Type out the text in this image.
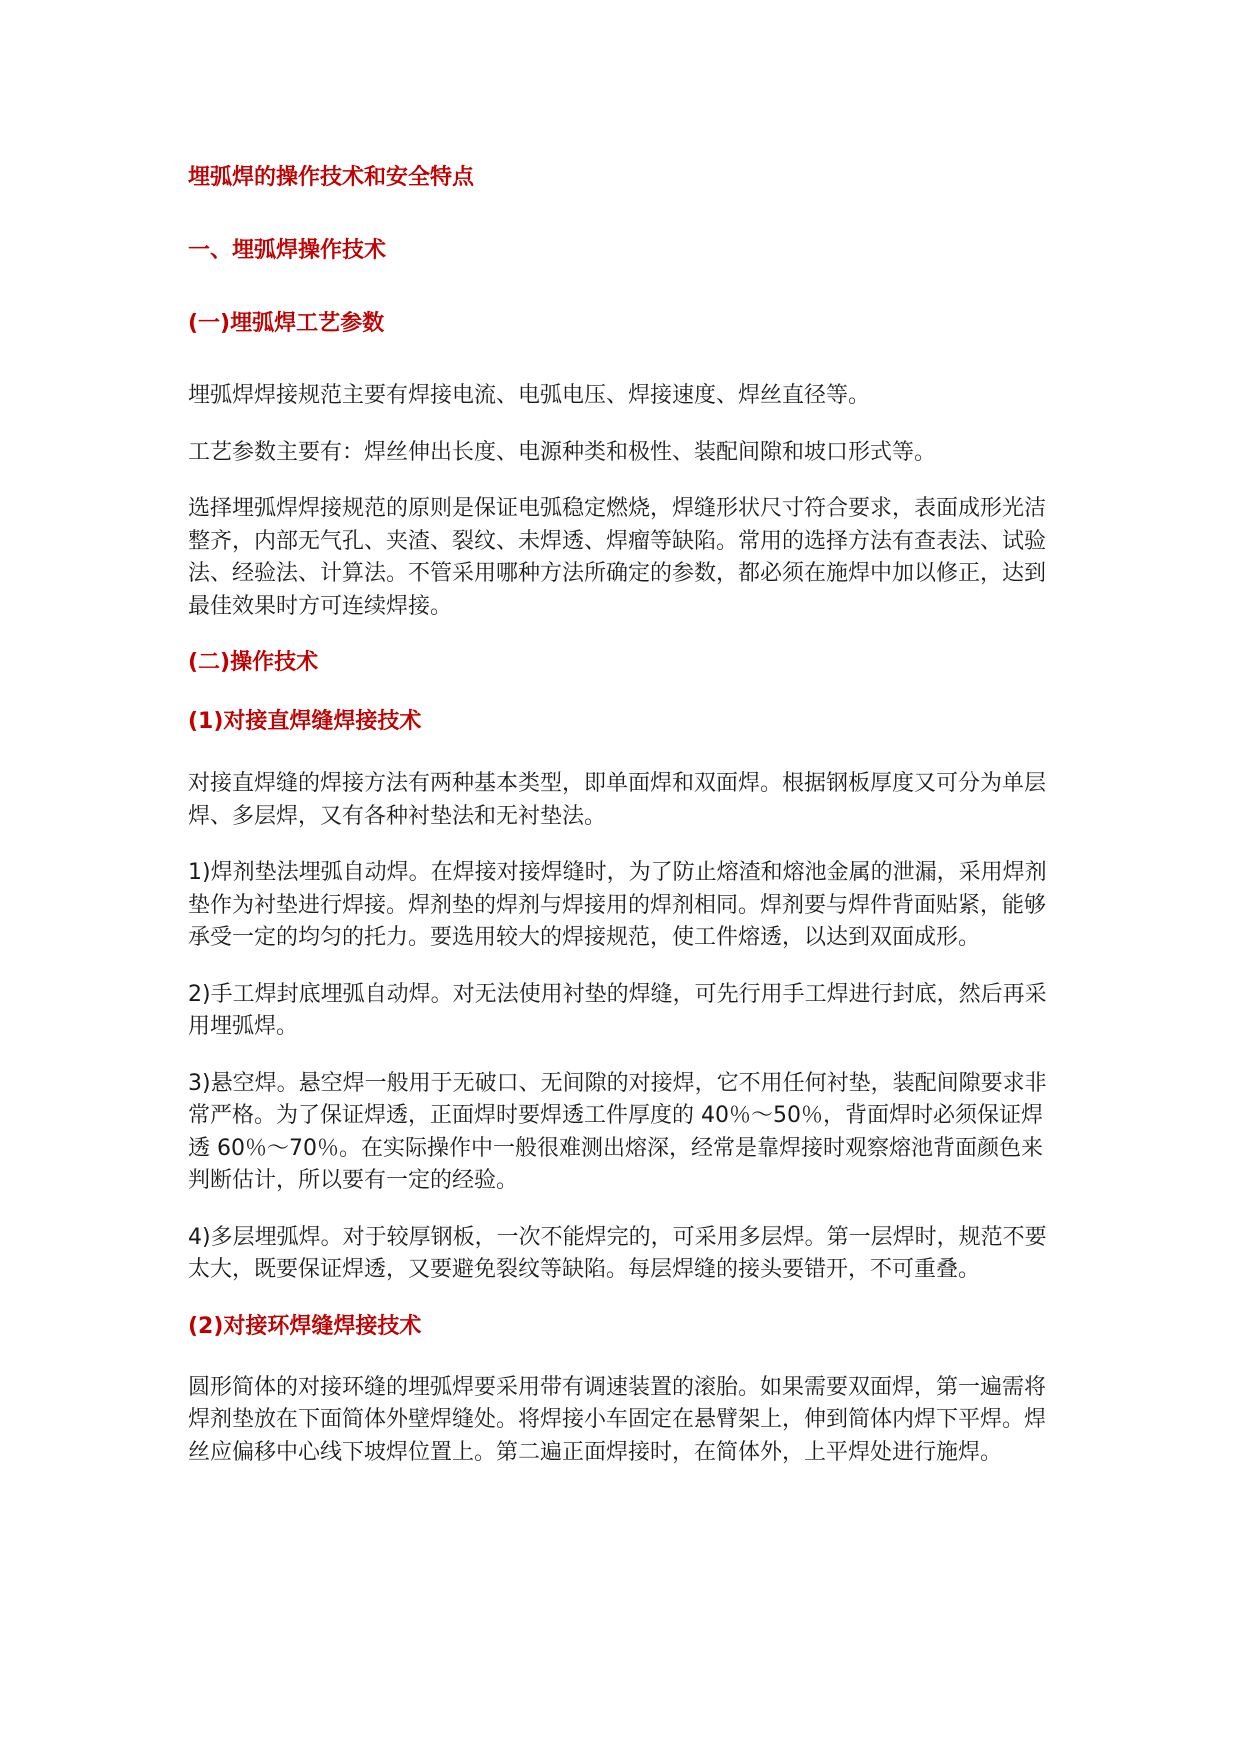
埋弧焊的操作技术和安全特点
一、埋弧焊操作技术
(一)埋弧焊工艺参数

埋弧焊焊接规范主要有焊接电流、电弧电压、焊接速度、焊丝直径等。

工艺参数主要有：焊丝伸出长度、电源种类和极性、装配间隙和坡口形式等。

选择埋弧焊焊接规范的原则是保证电弧稳定燃烧，焊缝形状尺寸符合要求，表面成形光洁整齐，内部无气孔、夹渣、裂纹、未焊透、焊瘤等缺陷。常用的选择方法有查表法、试验法、经验法、计算法。不管采用哪种方法所确定的参数，都必须在施焊中加以修正，达到最佳效果时方可连续焊接。

(二)操作技术
(1)对接直焊缝焊接技术

对接直焊缝的焊接方法有两种基本类型，即单面焊和双面焊。根据钢板厚度又可分为单层焊、多层焊，又有各种衬垫法和无衬垫法。

1)焊剂垫法埋弧自动焊。在焊接对接焊缝时，为了防止熔渣和熔池金属的泄漏，采用焊剂垫作为衬垫进行焊接。焊剂垫的焊剂与焊接用的焊剂相同。焊剂要与焊件背面贴紧，能够承受一定的均匀的托力。要选用较大的焊接规范，使工件熔透，以达到双面成形。

2)手工焊封底埋弧自动焊。对无法使用衬垫的焊缝，可先行用手工焊进行封底，然后再采用埋弧焊。

3)悬空焊。悬空焊一般用于无破口、无间隙的对接焊，它不用任何衬垫，装配间隙要求非常严格。为了保证焊透，正面焊时要焊透工件厚度的 40％～50％，背面焊时必须保证焊透 60％～70％。在实际操作中一般很难测出熔深，经常是靠焊接时观察熔池背面颜色来判断估计，所以要有一定的经验。

4)多层埋弧焊。对于较厚钢板，一次不能焊完的，可采用多层焊。第一层焊时，规范不要太大，既要保证焊透，又要避免裂纹等缺陷。每层焊缝的接头要错开，不可重叠。

(2)对接环焊缝焊接技术

圆形简体的对接环缝的埋弧焊要采用带有调速装置的滚胎。如果需要双面焊，第一遍需将焊剂垫放在下面简体外壁焊缝处。将焊接小车固定在悬臂架上，伸到简体内焊下平焊。焊丝应偏移中心线下坡焊位置上。第二遍正面焊接时，在简体外，上平焊处进行施焊。
